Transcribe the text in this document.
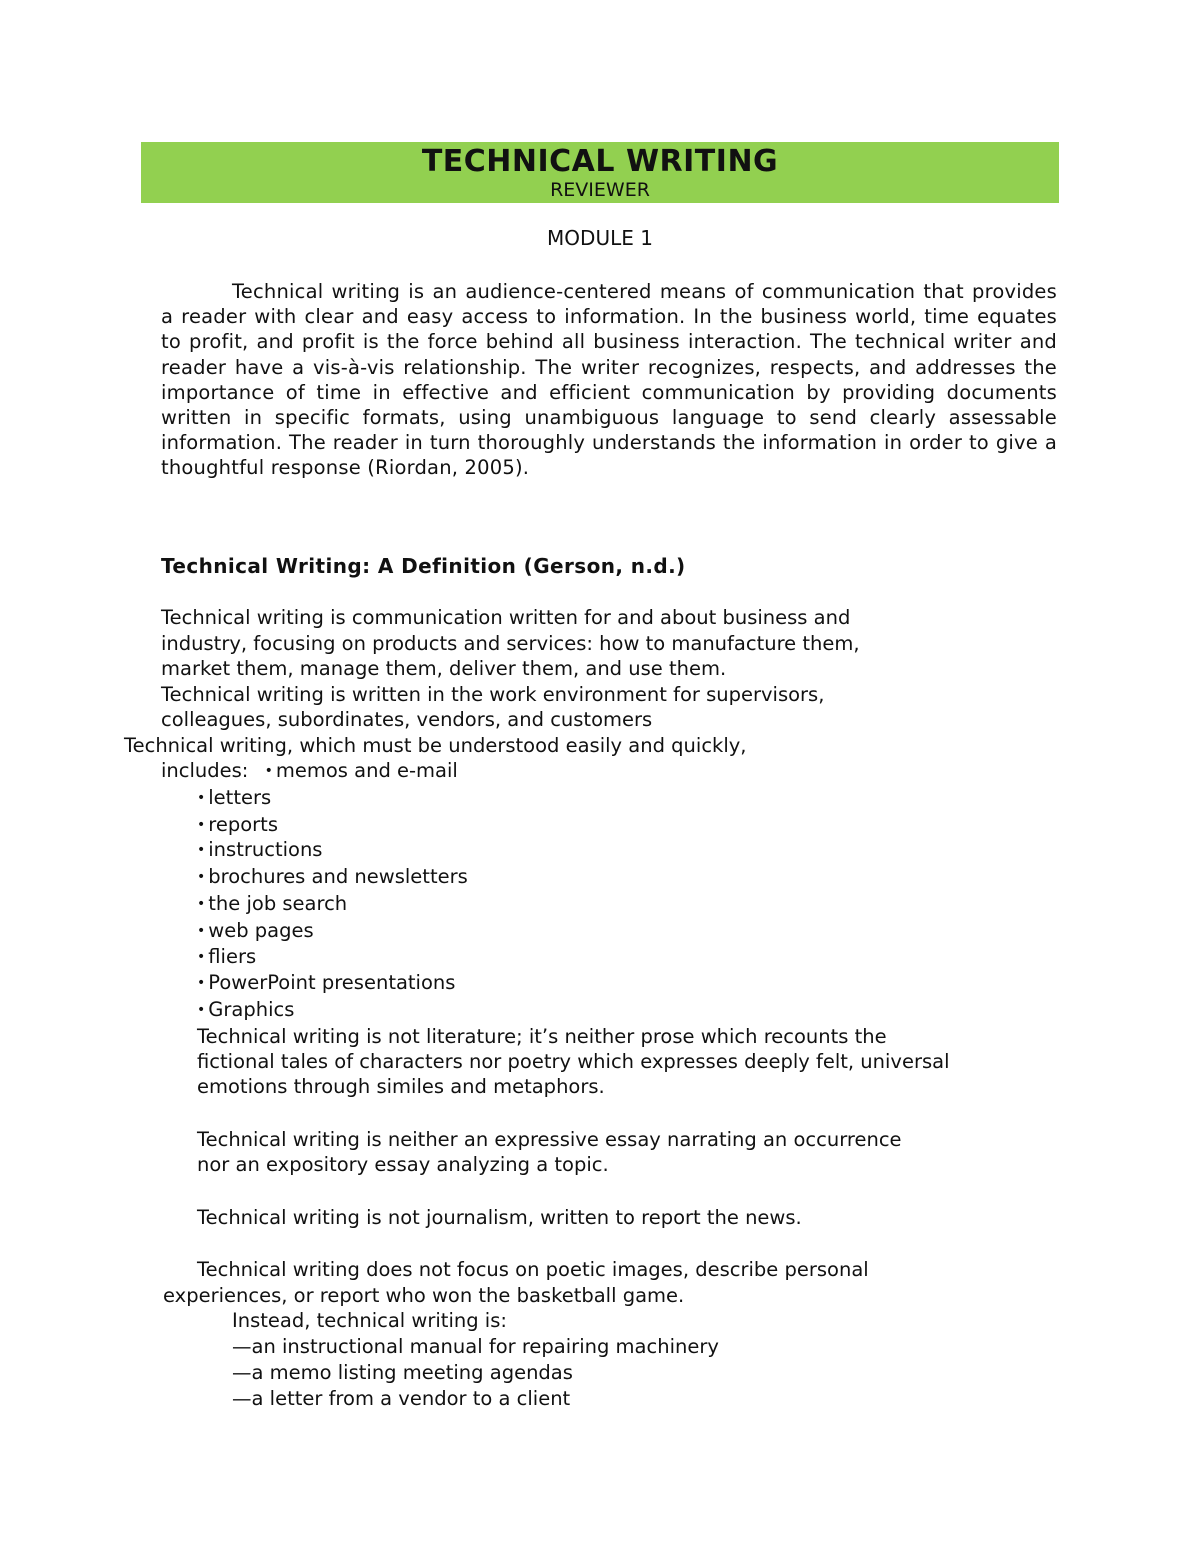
TECHNICAL WRITING
REVIEWER
MODULE 1

Technical writing is an audience-centered means of communication that provides a reader with clear and easy access to information. In the business world, time equates to profit, and profit is the force behind all business interaction. The technical writer and reader have a vis-à-vis relationship. The writer recognizes, respects, and addresses the importance of time in effective and efficient communication by providing documents written in specific formats, using unambiguous language to send clearly assessable information. The reader in turn thoroughly understands the information in order to give a thoughtful response (Riordan, 2005).

Technical Writing: A Definition (Gerson, n.d.)
Technical writing is communication written for and about business and
industry, focusing on products and services: how to manufacture them,
market them, manage them, deliver them, and use them.
Technical writing is written in the work environment for supervisors,
colleagues, subordinates, vendors, and customers
Technical writing, which must be understood easily and quickly,
includes: • memos and e-mail
• letters
• reports
• instructions
• brochures and newsletters
• the job search
• web pages
• fliers
• PowerPoint presentations
• Graphics
Technical writing is not literature; it’s neither prose which recounts the
fictional tales of characters nor poetry which expresses deeply felt, universal
emotions through similes and metaphors.
Technical writing is neither an expressive essay narrating an occurrence
nor an expository essay analyzing a topic.
Technical writing is not journalism, written to report the news.
Technical writing does not focus on poetic images, describe personal
experiences, or report who won the basketball game.
Instead, technical writing is:
—an instructional manual for repairing machinery
—a memo listing meeting agendas
—a letter from a vendor to a client
